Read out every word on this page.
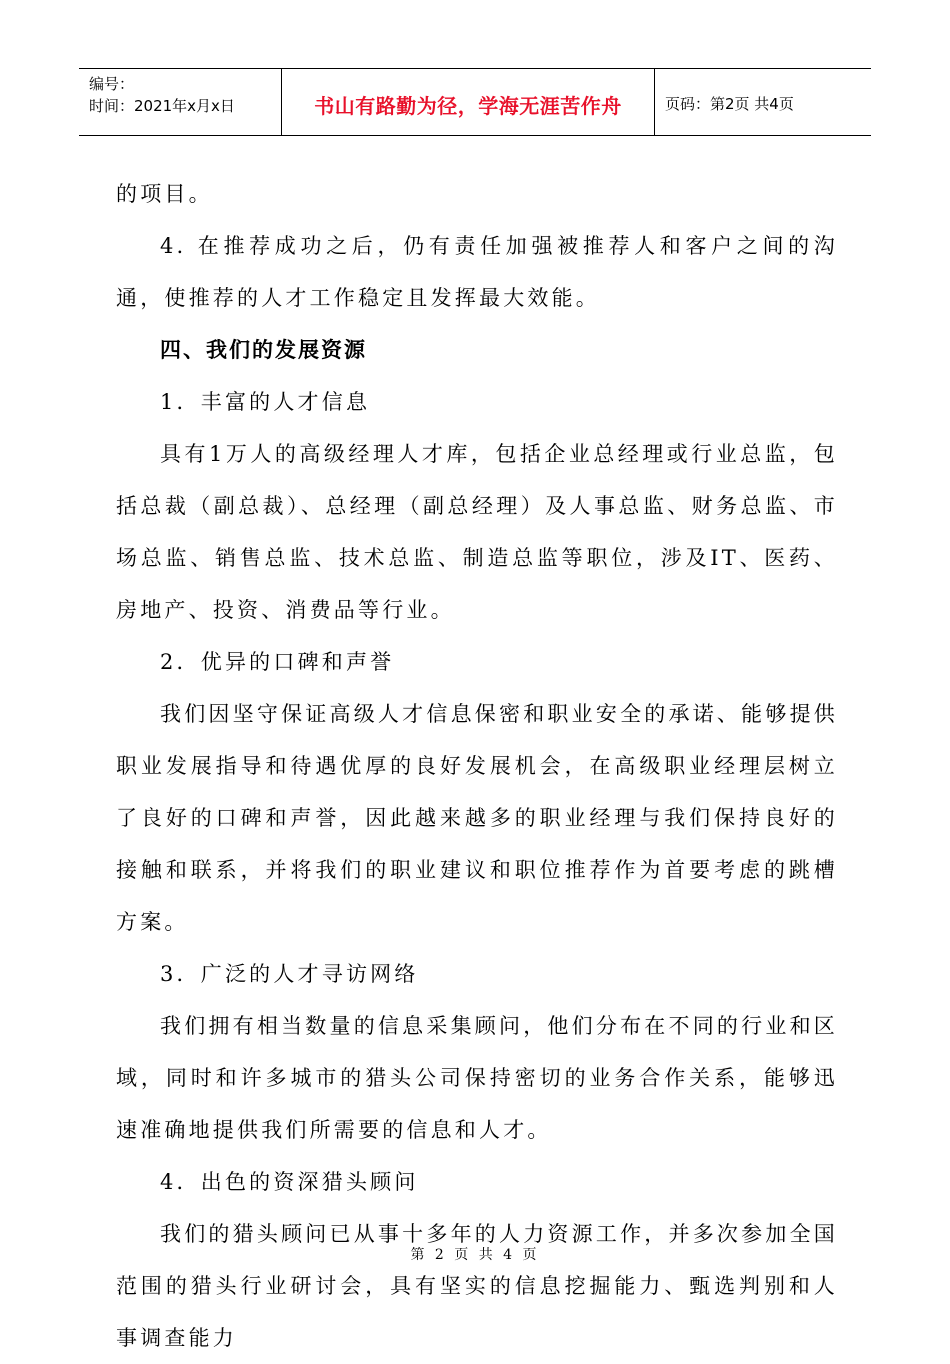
编号：
时间：2021年x月x日	书山有路勤为径，学海无涯苦作舟	页码：第2页 共4页

的项目。

4. 在推荐成功之后，仍有责任加强被推荐人和客户之间的沟通，使推荐的人才工作稳定且发挥最大效能。

四、我们的发展资源

1．丰富的人才信息

具有1万人的高级经理人才库，包括企业总经理或行业总监，包括总裁（副总裁）、总经理（副总经理）及人事总监、财务总监、市场总监、销售总监、技术总监、制造总监等职位，涉及IT、医药、房地产、投资、消费品等行业。

2．优异的口碑和声誉

我们因坚守保证高级人才信息保密和职业安全的承诺、能够提供职业发展指导和待遇优厚的良好发展机会，在高级职业经理层树立了良好的口碑和声誉，因此越来越多的职业经理与我们保持良好的接触和联系，并将我们的职业建议和职位推荐作为首要考虑的跳槽方案。

3．广泛的人才寻访网络

我们拥有相当数量的信息采集顾问，他们分布在不同的行业和区域，同时和许多城市的猎头公司保持密切的业务合作关系，能够迅速准确地提供我们所需要的信息和人才。

4．出色的资深猎头顾问

我们的猎头顾问已从事十多年的人力资源工作，并多次参加全国范围的猎头行业研讨会，具有坚实的信息挖掘能力、甄选判别和人事调查能力

第 2 页 共 4 页
